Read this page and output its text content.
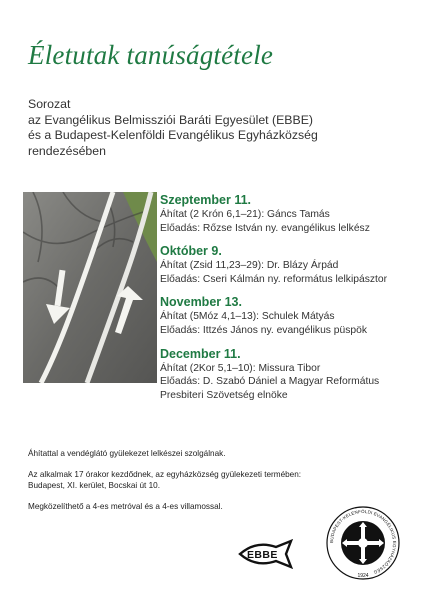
Életutak tanúságtétele
Sorozat
az Evangélikus Belmissziói Baráti Egyesület (EBBE)
és a Budapest-Kelenföldi Evangélikus Egyházközség
rendezésében
Szeptember 11.
Áhítat (2 Krón 6,1–21): Gáncs Tamás
Előadás: Rőzse István ny. evangélikus lelkész
Október 9.
Áhítat (Zsid 11,23–29): Dr. Blázy Árpád
Előadás: Cseri Kálmán ny. református lelkipásztor
November 13.
Áhítat (5Móz 4,1–13): Schulek Mátyás
Előadás: Ittzés János ny. evangélikus püspök
December 11.
Áhítat (2Kor 5,1–10): Missura Tibor
Előadás: D. Szabó Dániel a Magyar Református
Presbiteri Szövetség elnöke

Áhítattal a vendéglátó gyülekezet lelkészei szolgálnak.

Az alkalmak 17 órakor kezdődnek, az egyházközség gyülekezeti termében:
Budapest, XI. kerület, Bocskai út 10.

Megközelíthető a 4-es metróval és a 4-es villamossal.

EBBE
BUDAPEST-KELENFÖLDI EVANGÉLIKUS EGYHÁZKÖZSÉG
1924
